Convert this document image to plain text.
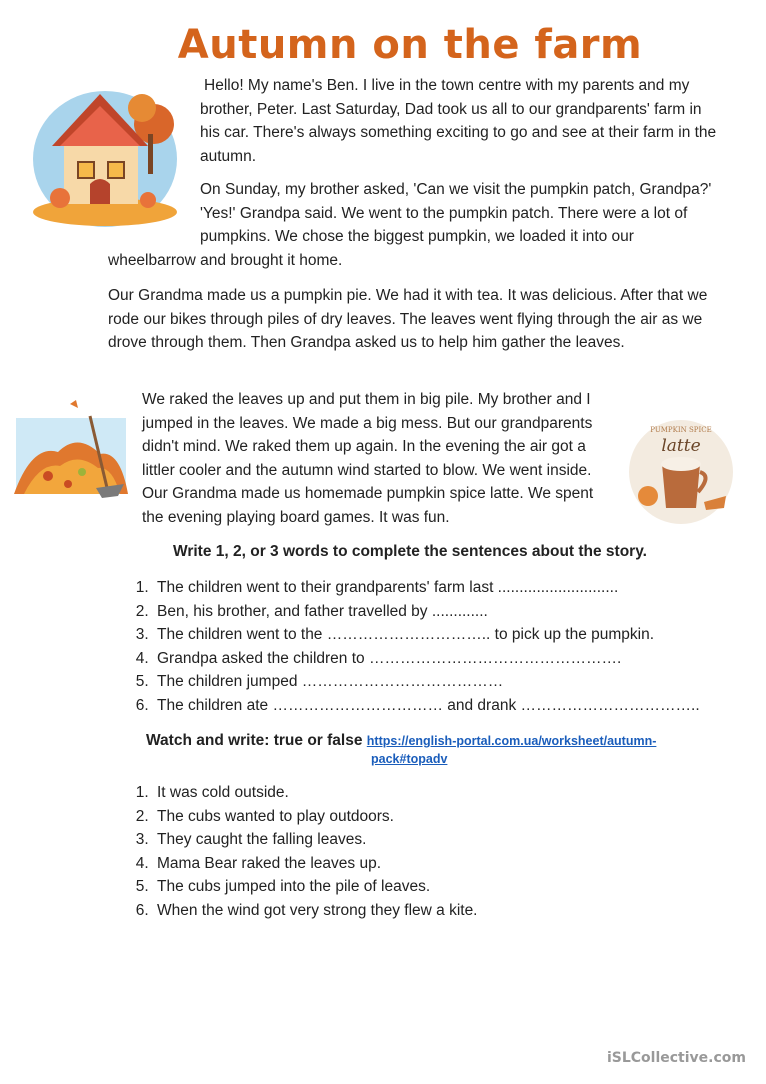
Autumn on the farm

Hello! My name's Ben. I live in the town centre with my parents and my brother, Peter. Last Saturday, Dad took us all to our grandparents' farm in his car. There's always something exciting to go and see at their farm in the autumn.

On Sunday, my brother asked, 'Can we visit the pumpkin patch, Grandpa?' 'Yes!' Grandpa said. We went to the pumpkin patch. There were a lot of pumpkins. We chose the biggest pumpkin, we loaded it into our wheelbarrow and brought it home.

Our Grandma made us a pumpkin pie. We had it with tea. It was delicious. After that we rode our bikes through piles of dry leaves. The leaves went flying through the air as we drove through them. Then Grandpa asked us to help him gather the leaves.

PUMPKIN SPICE
latte

We raked the leaves up and put them in big pile. My brother and I jumped in the leaves. We made a big mess. But our grandparents didn't mind. We raked them up again. In the evening the air got a littler cooler and the autumn wind started to blow. We went inside. Our Grandma made us homemade pumpkin spice latte. We spent the evening playing board games. It was fun.

Write 1, 2, or 3 words to complete the sentences about the story.
1. The children went to their grandparents' farm last ............................
2. Ben, his brother, and father travelled by .............
3. The children went to the ………………………….. to pick up the pumpkin.
4. Grandpa asked the children to ………………………………………….
5. The children jumped …………………………………
6. The children ate …………………………… and drank ……………………………..
Watch and write: true or false https://english-portal.com.ua/worksheet/autumn-
pack#topadv
1. It was cold outside.
2. The cubs wanted to play outdoors.
3. They caught the falling leaves.
4. Mama Bear raked the leaves up.
5. The cubs jumped into the pile of leaves.
6. When the wind got very strong they flew a kite.
iSLCollective.com
